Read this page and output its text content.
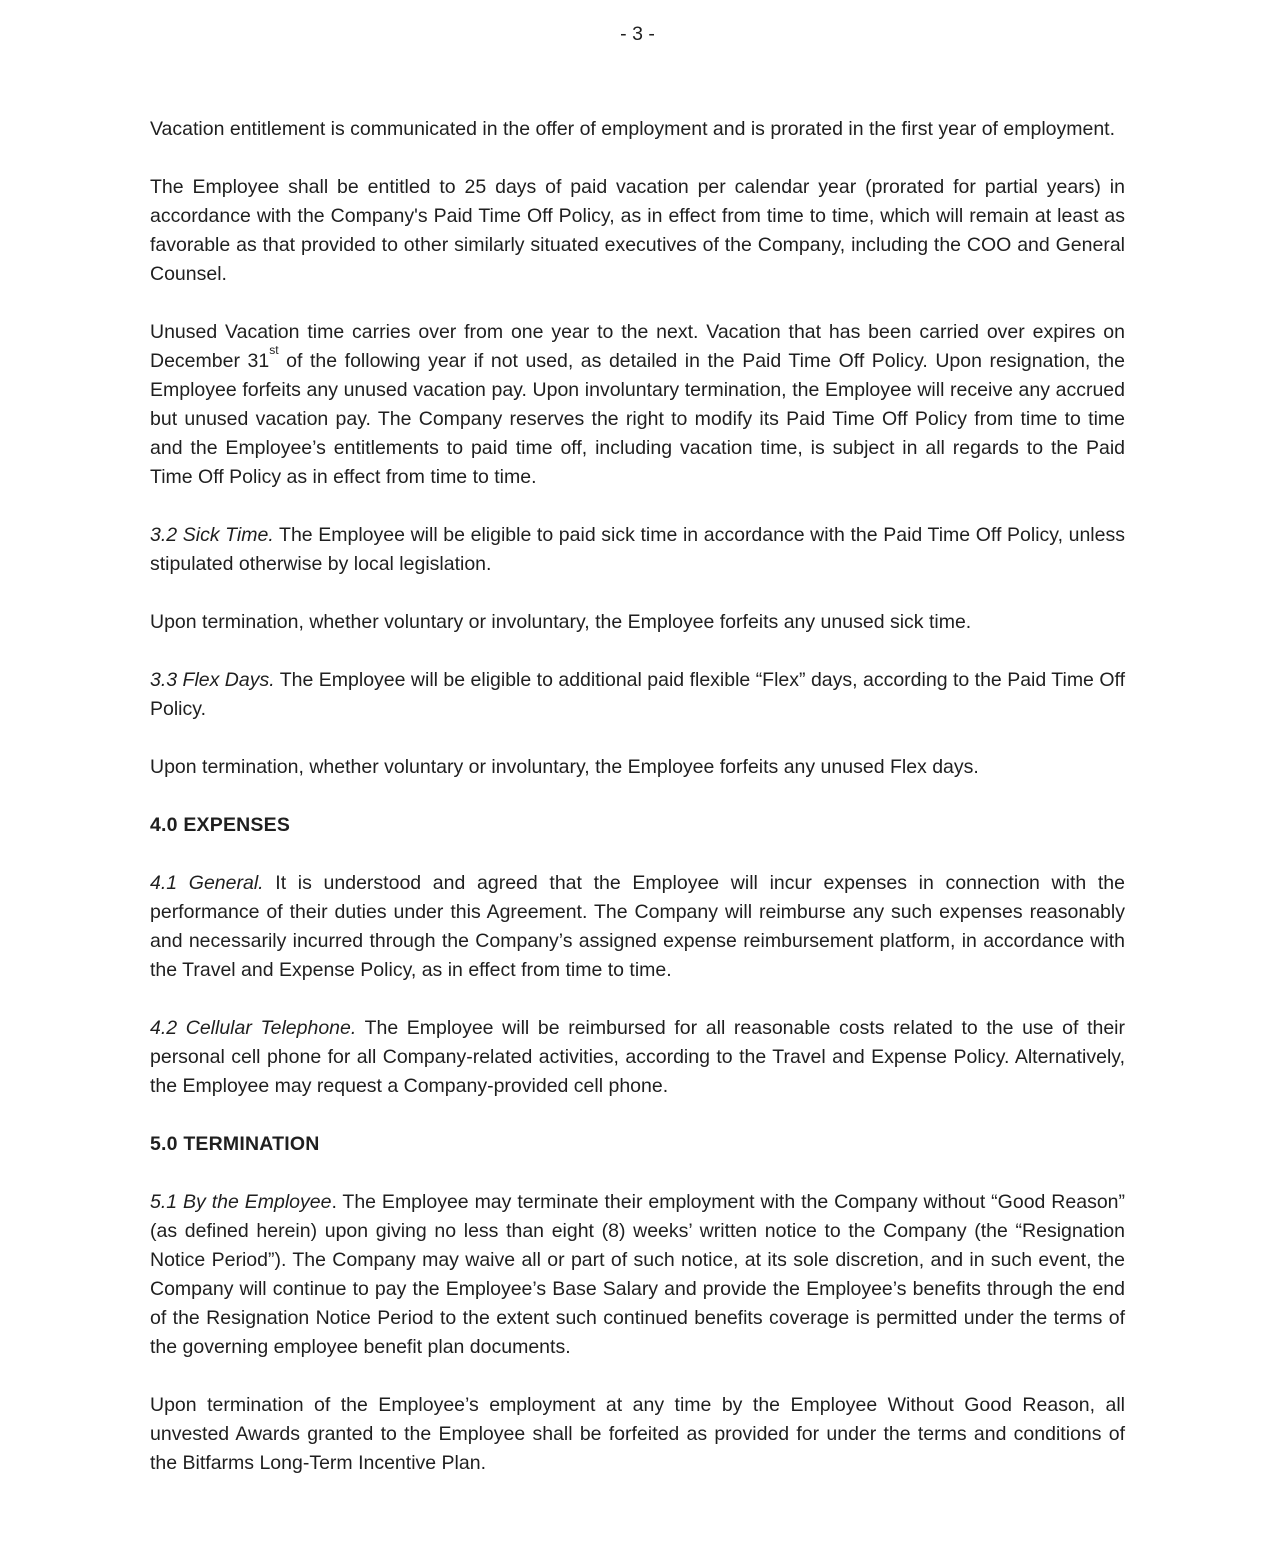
- 3 -

Vacation entitlement is communicated in the offer of employment and is prorated in the first year of employment.

The Employee shall be entitled to 25 days of paid vacation per calendar year (prorated for partial years) in accordance with the Company's Paid Time Off Policy, as in effect from time to time, which will remain at least as favorable as that provided to other similarly situated executives of the Company, including the COO and General Counsel.

Unused Vacation time carries over from one year to the next. Vacation that has been carried over expires on December 31st of the following year if not used, as detailed in the Paid Time Off Policy. Upon resignation, the Employee forfeits any unused vacation pay. Upon involuntary termination, the Employee will receive any accrued but unused vacation pay. The Company reserves the right to modify its Paid Time Off Policy from time to time and the Employee’s entitlements to paid time off, including vacation time, is subject in all regards to the Paid Time Off Policy as in effect from time to time.

3.2 Sick Time. The Employee will be eligible to paid sick time in accordance with the Paid Time Off Policy, unless stipulated otherwise by local legislation.

Upon termination, whether voluntary or involuntary, the Employee forfeits any unused sick time.

3.3 Flex Days. The Employee will be eligible to additional paid flexible “Flex” days, according to the Paid Time Off Policy.

Upon termination, whether voluntary or involuntary, the Employee forfeits any unused Flex days.

4.0 EXPENSES

4.1 General. It is understood and agreed that the Employee will incur expenses in connection with the performance of their duties under this Agreement. The Company will reimburse any such expenses reasonably and necessarily incurred through the Company’s assigned expense reimbursement platform, in accordance with the Travel and Expense Policy, as in effect from time to time.

4.2 Cellular Telephone. The Employee will be reimbursed for all reasonable costs related to the use of their personal cell phone for all Company-related activities, according to the Travel and Expense Policy. Alternatively, the Employee may request a Company-provided cell phone.

5.0 TERMINATION

5.1 By the Employee. The Employee may terminate their employment with the Company without “Good Reason” (as defined herein) upon giving no less than eight (8) weeks’ written notice to the Company (the “Resignation Notice Period”). The Company may waive all or part of such notice, at its sole discretion, and in such event, the Company will continue to pay the Employee’s Base Salary and provide the Employee’s benefits through the end of the Resignation Notice Period to the extent such continued benefits coverage is permitted under the terms of the governing employee benefit plan documents.

Upon termination of the Employee’s employment at any time by the Employee Without Good Reason, all unvested Awards granted to the Employee shall be forfeited as provided for under the terms and conditions of the Bitfarms Long-Term Incentive Plan.
